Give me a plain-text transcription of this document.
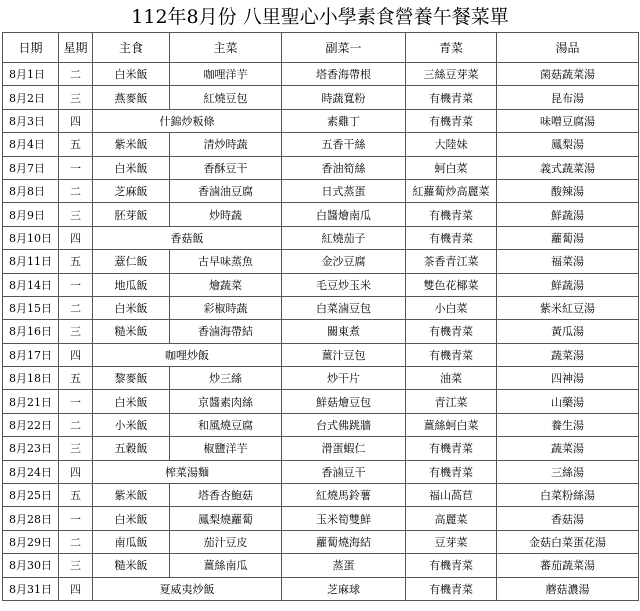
112年8月份 八里聖心小學素食營養午餐菜單
日期	星期	主食	主菜	副菜一	青菜	湯品
8月1日	二	白米飯	咖哩洋芋	塔香海帶根	三絲豆芽菜	菌菇蔬菜湯
8月2日	三	燕麥飯	紅燒豆包	時蔬寬粉	有機青菜	昆布湯
8月3日	四	什錦炒粄條		素雞丁	有機青菜	味噌豆腐湯
8月4日	五	紫米飯	清炒時蔬	五香干絲	大陸妹	鳳梨湯
8月7日	一	白米飯	香酥豆干	香油筍絲	蚵白菜	義式蔬菜湯
8月8日	二	芝麻飯	香滷油豆腐	日式蒸蛋	紅蘿蔔炒高麗菜	酸辣湯
8月9日	三	胚芽飯	炒時蔬	白醬燴南瓜	有機青菜	鮮蔬湯
8月10日	四	香菇飯		紅燒茄子	有機青菜	蘿蔔湯
8月11日	五	薏仁飯	古早味蒸魚	金沙豆腐	茶香青江菜	福菜湯
8月14日	一	地瓜飯	燴蔬菜	毛豆炒玉米	雙色花椰菜	鮮蔬湯
8月15日	二	白米飯	彩椒時蔬	白菜滷豆包	小白菜	紫米紅豆湯
8月16日	三	糙米飯	香滷海帶結	關東煮	有機青菜	黃瓜湯
8月17日	四	咖哩炒飯		薑汁豆包	有機青菜	蔬菜湯
8月18日	五	黎麥飯	炒三絲	炒干片	油菜	四神湯
8月21日	一	白米飯	京醬素肉絲	鮮菇燴豆包	青江菜	山藥湯
8月22日	二	小米飯	和風燒豆腐	台式佛跳牆	薑絲蚵白菜	養生湯
8月23日	三	五穀飯	椒鹽洋芋	滑蛋蝦仁	有機青菜	蔬菜湯
8月24日	四	榨菜湯麵		香滷豆干	有機青菜	三絲湯
8月25日	五	紫米飯	塔香杏鮑菇	紅燒馬鈴薯	福山萵苣	白菜粉絲湯
8月28日	一	白米飯	鳳梨燒蘿蔔	玉米筍雙鮮	高麗菜	香菇湯
8月29日	二	南瓜飯	茄汁豆皮	蘿蔔燒海結	豆芽菜	金菇白菜蛋花湯
8月30日	三	糙米飯	薑絲南瓜	蒸蛋	有機青菜	蕃茄蔬菜湯
8月31日	四	夏威夷炒飯		芝麻球	有機青菜	蘑菇濃湯
